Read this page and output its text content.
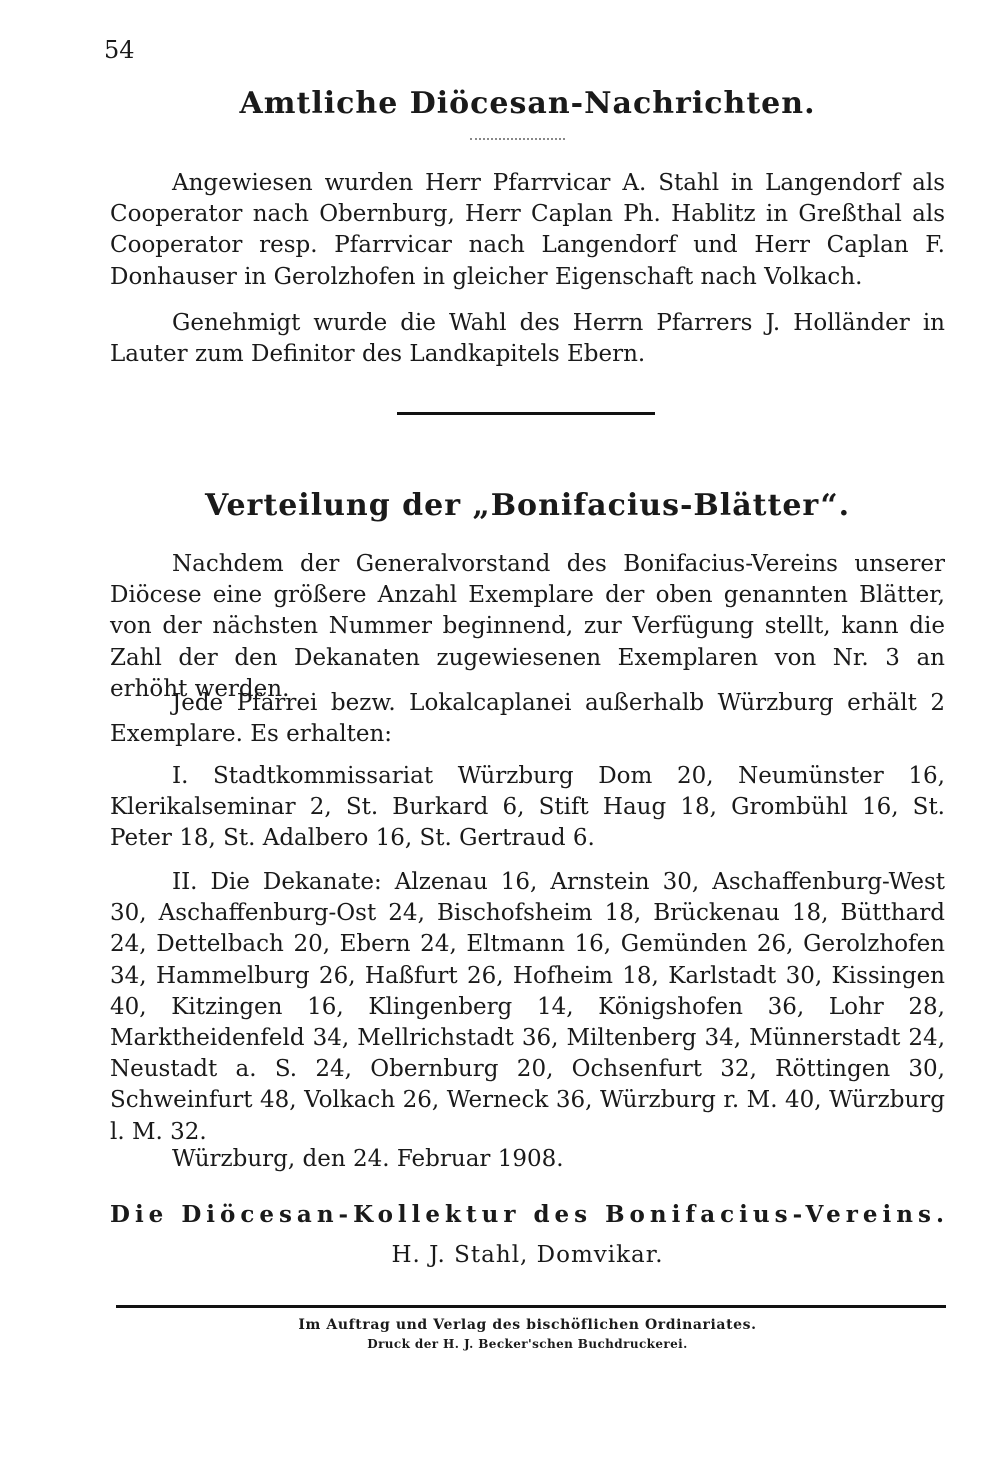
54
Amtliche Diöcesan-Nachrichten.

Angewiesen wurden Herr Pfarrvicar A. Stahl in Langendorf als Cooperator nach Obernburg, Herr Caplan Ph. Hablitz in Greßthal als Cooperator resp. Pfarrvicar nach Langendorf und Herr Caplan F. Donhauser in Gerolzhofen in gleicher Eigenschaft nach Volkach.

Genehmigt wurde die Wahl des Herrn Pfarrers J. Holländer in Lauter zum Definitor des Landkapitels Ebern.

Verteilung der „Bonifacius-Blätter“.

Nachdem der Generalvorstand des Bonifacius-Vereins unserer Diöcese eine größere Anzahl Exemplare der oben genannten Blätter, von der nächsten Nummer beginnend, zur Verfügung stellt, kann die Zahl der den Dekanaten zugewiesenen Exemplaren von Nr. 3 an erhöht werden.

Jede Pfarrei bezw. Lokalcaplanei außerhalb Würzburg erhält 2 Exemplare. Es erhalten:

I. Stadtkommissariat Würzburg Dom 20, Neumünster 16, Klerikalseminar 2, St. Burkard 6, Stift Haug 18, Grombühl 16, St. Peter 18, St. Adalbero 16, St. Gertraud 6.

II. Die Dekanate: Alzenau 16, Arnstein 30, Aschaffenburg-West 30, Aschaffenburg-Ost 24, Bischofsheim 18, Brückenau 18, Bütthard 24, Dettelbach 20, Ebern 24, Eltmann 16, Gemünden 26, Gerolzhofen 34, Hammelburg 26, Haßfurt 26, Hofheim 18, Karlstadt 30, Kissingen 40, Kitzingen 16, Klingenberg 14, Königshofen 36, Lohr 28, Marktheidenfeld 34, Mellrichstadt 36, Miltenberg 34, Münnerstadt 24, Neustadt a. S. 24, Obernburg 20, Ochsenfurt 32, Röttingen 30, Schweinfurt 48, Volkach 26, Werneck 36, Würzburg r. M. 40, Würzburg l. M. 32.

Würzburg, den 24. Februar 1908.
Die Diöcesan-Kollektur des Bonifacius-Vereins.
H. J. Stahl, Domvikar.
Im Auftrag und Verlag des bischöflichen Ordinariates.
Druck der H. J. Becker'schen Buchdruckerei.
